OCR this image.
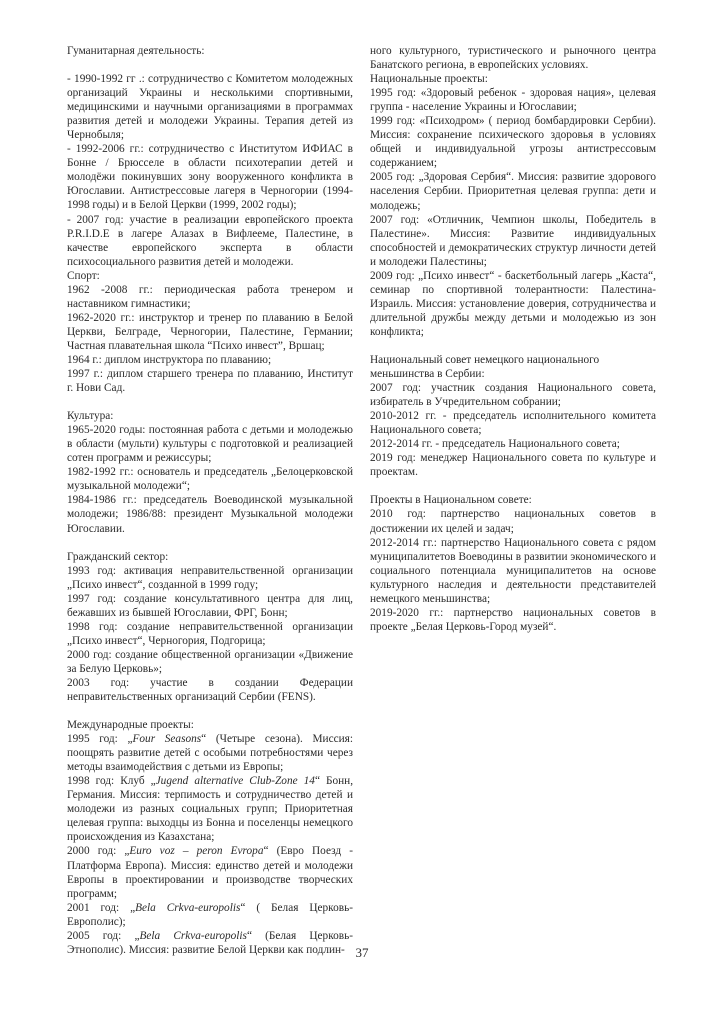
Гуманитарная деятельность:

- 1990-1992 гг .: сотрудничество с Комитетом молодежных организаций Украины и несколькими спортивными, медицинскими и научными организациями в программах развития детей и молодежи Украины. Терапия детей из Чернобыля;

- 1992-2006 гг.: сотрудничество с Институтом ИФИАС в Бонне / Брюсселе в области психотерапии детей и молодёжи покинувших зону вооруженного конфликта в Югославии. Антистрессовые лагеря в Черногории (1994-1998 годы) и в Белой Церкви (1999, 2002 годы);

- 2007 год: участие в реализации европейского проекта P.R.I.D.E в лагере Алазах в Вифлееме, Палестине, в качестве европейского эксперта в области психосоциального развития детей и молодежи.

Спорт:

1962 -2008 гг.: периодическая работа тренером и наставником гимнастики;

1962-2020 гг.: инструктор и тренер по плаванию в Белой Церкви, Белграде, Черногории, Палестине, Германии; Частная плавательная школа “Психо инвест”, Вршац;

1964 г.: диплом инструктора по плаванию;

1997 г.: диплом старшего тренера по плаванию, Институт г. Нови Сад.

Культура:

1965-2020 годы: постоянная работа с детьми и молодежью в области (мульти) культуры с подготовкой и реализацией сотен программ и режиссуры;

1982-1992 гг.: основатель и председатель „Белоцерковской музыкальной молодежи“;

1984-1986 гг.: председатель Воеводинской музыкальной молодежи; 1986/88: президент Музыкальной молодежи Югославии.

Гражданский сектор:

1993 год: активация неправительственной организации „Психо инвест“, созданной в 1999 году;

1997 год: создание консультативного центра для лиц, бежавших из бывшей Югославии, ФРГ, Бонн;

1998 год: создание неправительственной организации „Психо инвест“, Черногория, Подгорица;

2000 год: создание общественной организации «Движение за Белую Церковь»;

2003 год: участие в создании Федерации неправительственных организаций Сербии (FENS).

Международные проекты:

1995 год: „Four Seasons“ (Четыре сезона). Миссия: поощрять развитие детей с особыми потребностями через методы взаимодействия с детьми из Европы;

1998 год: Клуб „Jugend alternative Club-Zone 14“ Бонн, Германия. Миссия: терпимость и сотрудничество детей и молодежи из разных социальных групп; Приоритетная целевая группа: выходцы из Бонна и поселенцы немецкого происхождения из Казахстана;

2000 год: „Euro voz – peron Evropa“ (Евро Поезд - Платформа Европа). Миссия: единство детей и молодежи Европы в проектировании и производстве творческих программ;

2001 год: „Bela Crkva-europolis“ ( Белая Церковь-Европолис);

2005 год: „Bela Crkva-europolis“ (Белая Церковь-Этнополис). Миссия: развитие Белой Церкви как подлин-

ного культурного, туристического и рыночного центра Банатского региона, в европейских условиях.

Национальные проекты:

1995 год: «Здоровый ребенок - здоровая нация», целевая группа - население Украины и Югославии;

1999 год: «Психодром» ( период бомбардировки Сербии). Миссия: сохранение психического здоровья в условиях общей и индивидуальной угрозы антистрессовым содержанием;

2005 год: „Здоровая Сербия“. Миссия: развитие здорового населения Сербии. Приоритетная целевая группа: дети и молодежь;

2007 год: «Отличник, Чемпион школы, Победитель в Палестине». Миссия: Развитие индивидуальных способностей и демократических структур личности детей и молодежи Палестины;

2009 год: „Психо инвест“ - баскетбольный лагерь „Каста“, семинар по спортивной толерантности: Палестина-Израиль. Миссия: установление доверия, сотрудничества и длительной дружбы между детьми и молодежью из зон конфликта;

Национальный совет немецкого национального меньшинства в Сербии:

2007 год: участник создания Национального совета, избиратель в Учредительном собрании;

2010-2012 гг. - председатель исполнительного комитета Национального совета;

2012-2014 гг. - председатель Национального совета;

2019 год: менеджер Национального совета по культуре и проектам.

Проекты в Национальном совете:

2010 год: партнерство национальных советов в достижении их целей и задач;

2012-2014 гг.: партнерство Национального совета с рядом муниципалитетов Воеводины в развитии экономического и социального потенциала муниципалитетов на основе культурного наследия и деятельности представителей немецкого меньшинства;

2019-2020 гг.: партнерство национальных советов в проекте „Белая Церковь-Город музей“.

37
